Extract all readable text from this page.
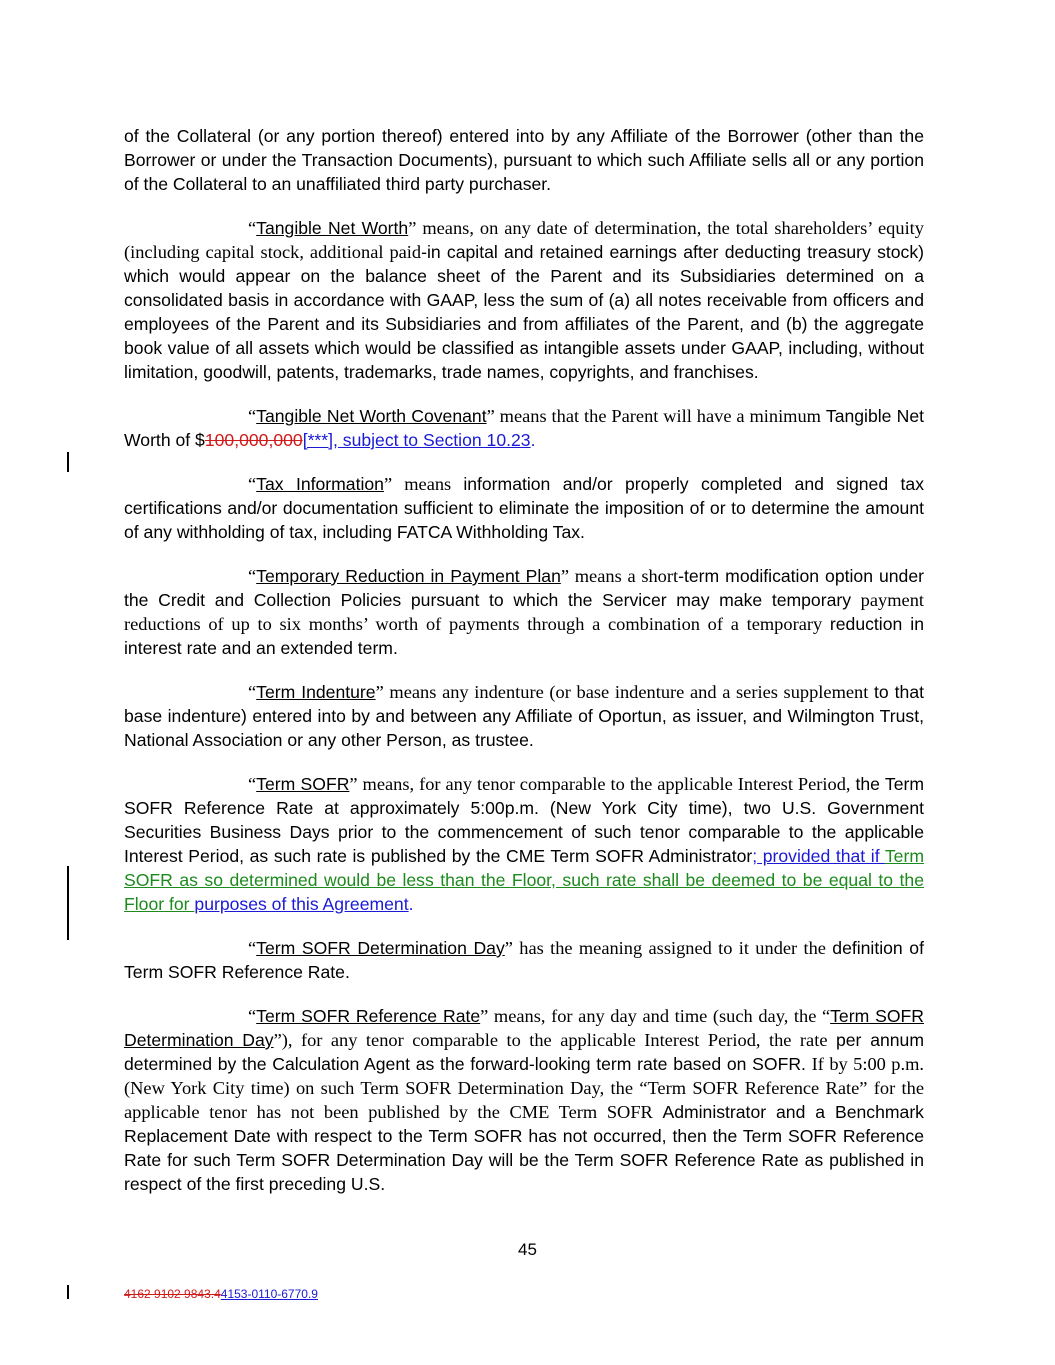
of the Collateral (or any portion thereof) entered into by any Affiliate of the Borrower (other than the Borrower or under the Transaction Documents), pursuant to which such Affiliate sells all or any portion of the Collateral to an unaffiliated third party purchaser.

“Tangible Net Worth” means, on any date of determination, the total shareholders’ equity (including capital stock, additional paid-in capital and retained earnings after deducting treasury stock) which would appear on the balance sheet of the Parent and its Subsidiaries determined on a consolidated basis in accordance with GAAP, less the sum of (a) all notes receivable from officers and employees of the Parent and its Subsidiaries and from affiliates of the Parent, and (b) the aggregate book value of all assets which would be classified as intangible assets under GAAP, including, without limitation, goodwill, patents, trademarks, trade names, copyrights, and franchises.

“Tangible Net Worth Covenant” means that the Parent will have a minimum Tangible Net Worth of $100,000,000[***], subject to Section 10.23.

“Tax Information” means information and/or properly completed and signed tax certifications and/or documentation sufficient to eliminate the imposition of or to determine the amount of any withholding of tax, including FATCA Withholding Tax.

“Temporary Reduction in Payment Plan” means a short-term modification option under the Credit and Collection Policies pursuant to which the Servicer may make temporary payment reductions of up to six months’ worth of payments through a combination of a temporary reduction in interest rate and an extended term.

“Term Indenture” means any indenture (or base indenture and a series supplement to that base indenture) entered into by and between any Affiliate of Oportun, as issuer, and Wilmington Trust, National Association or any other Person, as trustee.

“Term SOFR” means, for any tenor comparable to the applicable Interest Period, the Term SOFR Reference Rate at approximately 5:00p.m. (New York City time), two U.S. Government Securities Business Days prior to the commencement of such tenor comparable to the applicable Interest Period, as such rate is published by the CME Term SOFR Administrator; provided that if Term SOFR as so determined would be less than the Floor, such rate shall be deemed to be equal to the Floor for purposes of this Agreement.

“Term SOFR Determination Day” has the meaning assigned to it under the definition of Term SOFR Reference Rate.

“Term SOFR Reference Rate” means, for any day and time (such day, the “Term SOFR Determination Day”), for any tenor comparable to the applicable Interest Period, the rate per annum determined by the Calculation Agent as the forward-looking term rate based on SOFR. If by 5:00 p.m. (New York City time) on such Term SOFR Determination Day, the “Term SOFR Reference Rate” for the applicable tenor has not been published by the CME Term SOFR Administrator and a Benchmark Replacement Date with respect to the Term SOFR has not occurred, then the Term SOFR Reference Rate for such Term SOFR Determination Day will be the Term SOFR Reference Rate as published in respect of the first preceding U.S.

45
4162 9102 9843.44153-0110-6770.9
